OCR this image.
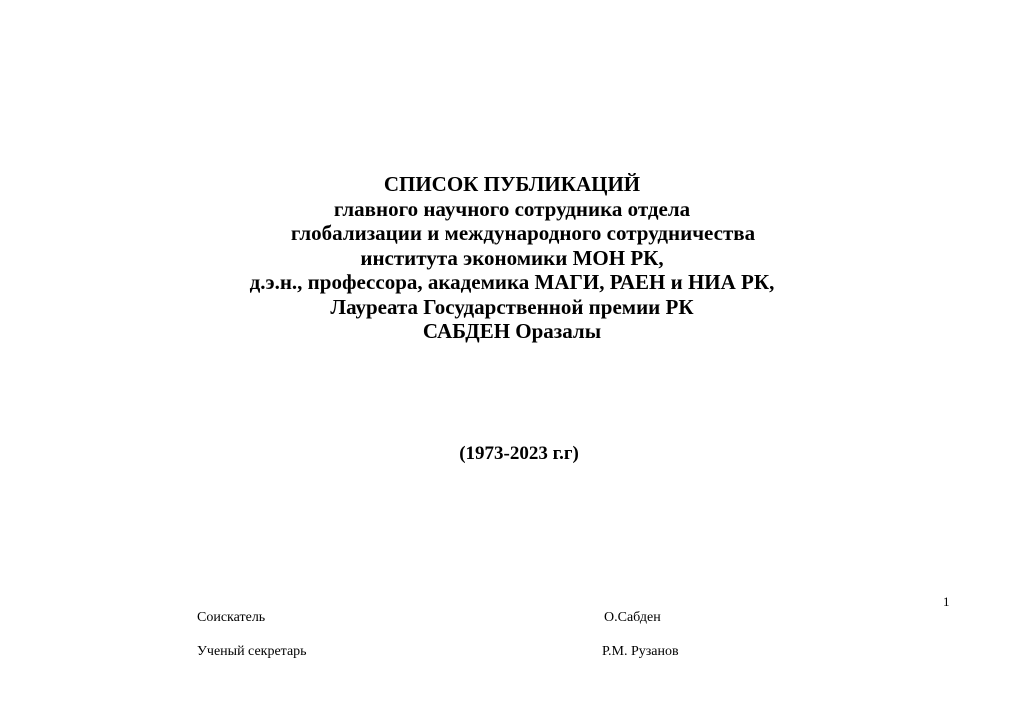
СПИСОК ПУБЛИКАЦИЙ
главного научного сотрудника отдела
глобализации и международного сотрудничества
института экономики МОН РК,
д.э.н., профессора, академика МАГИ, РАЕН и НИА РК,
Лауреата Государственной премии РК
САБДЕН Оразалы
(1973-2023 г.г)
1
Соискатель	О.Сабден
Ученый секретарь	Р.М. Рузанов
